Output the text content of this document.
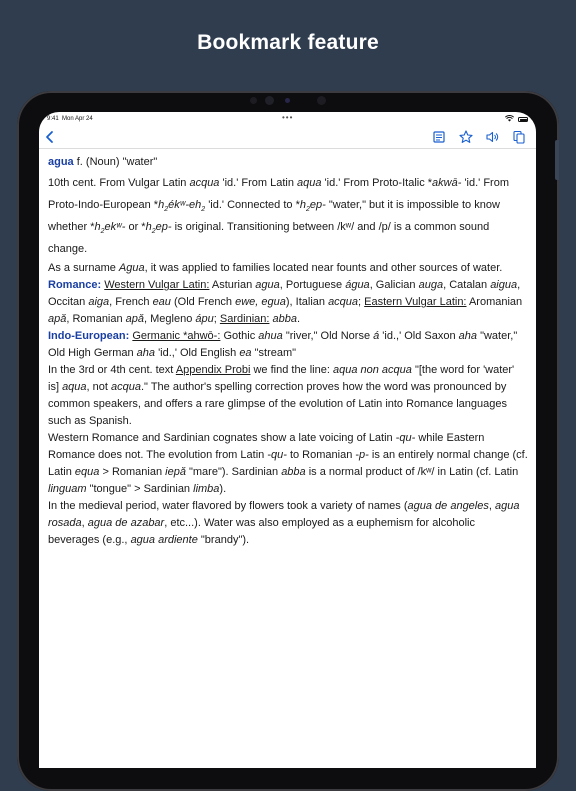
Bookmark feature
9:41 Mon Apr 24	•••

agua f. (Noun) "water"

10th cent. From Vulgar Latin acqua 'id.' From Latin aqua 'id.' From Proto-Italic *akwā- 'id.' From Proto-Indo-European $*h_2ékʷ-eh_2$ 'id.' Connected to $*h_2ep-$ "water," but it is impossible to know whether $*h_2ekʷ-$ or $*h_2ep-$ is original. Transitioning between /kʷ/ and /p/ is a common sound change.

As a surname Agua, it was applied to families located near founts and other sources of water.

Romance: Western Vulgar Latin: Asturian agua, Portuguese água, Galician auga, Catalan aigua, Occitan aiga, French eau (Old French ewe, egua), Italian acqua; Eastern Vulgar Latin: Aromanian apă, Romanian apă, Megleno ápu; Sardinian: abba.

Indo-European: Germanic *ahwō-: Gothic ahua "river," Old Norse á 'id.,' Old Saxon aha "water," Old High German aha 'id.,' Old English ea "stream"

In the 3rd or 4th cent. text Appendix Probi we find the line: aqua non acqua "[the word for 'water' is] aqua, not acqua." The author's spelling correction proves how the word was pronounced by common speakers, and offers a rare glimpse of the evolution of Latin into Romance languages such as Spanish.

Western Romance and Sardinian cognates show a late voicing of Latin -qu- while Eastern Romance does not. The evolution from Latin -qu- to Romanian -p- is an entirely normal change (cf. Latin equa > Romanian iepă "mare"). Sardinian abba is a normal product of /kʷ/ in Latin (cf. Latin linguam "tongue" > Sardinian limba).

In the medieval period, water flavored by flowers took a variety of names (agua de angeles, agua rosada, agua de azabar, etc...). Water was also employed as a euphemism for alcoholic beverages (e.g., agua ardiente "brandy").
